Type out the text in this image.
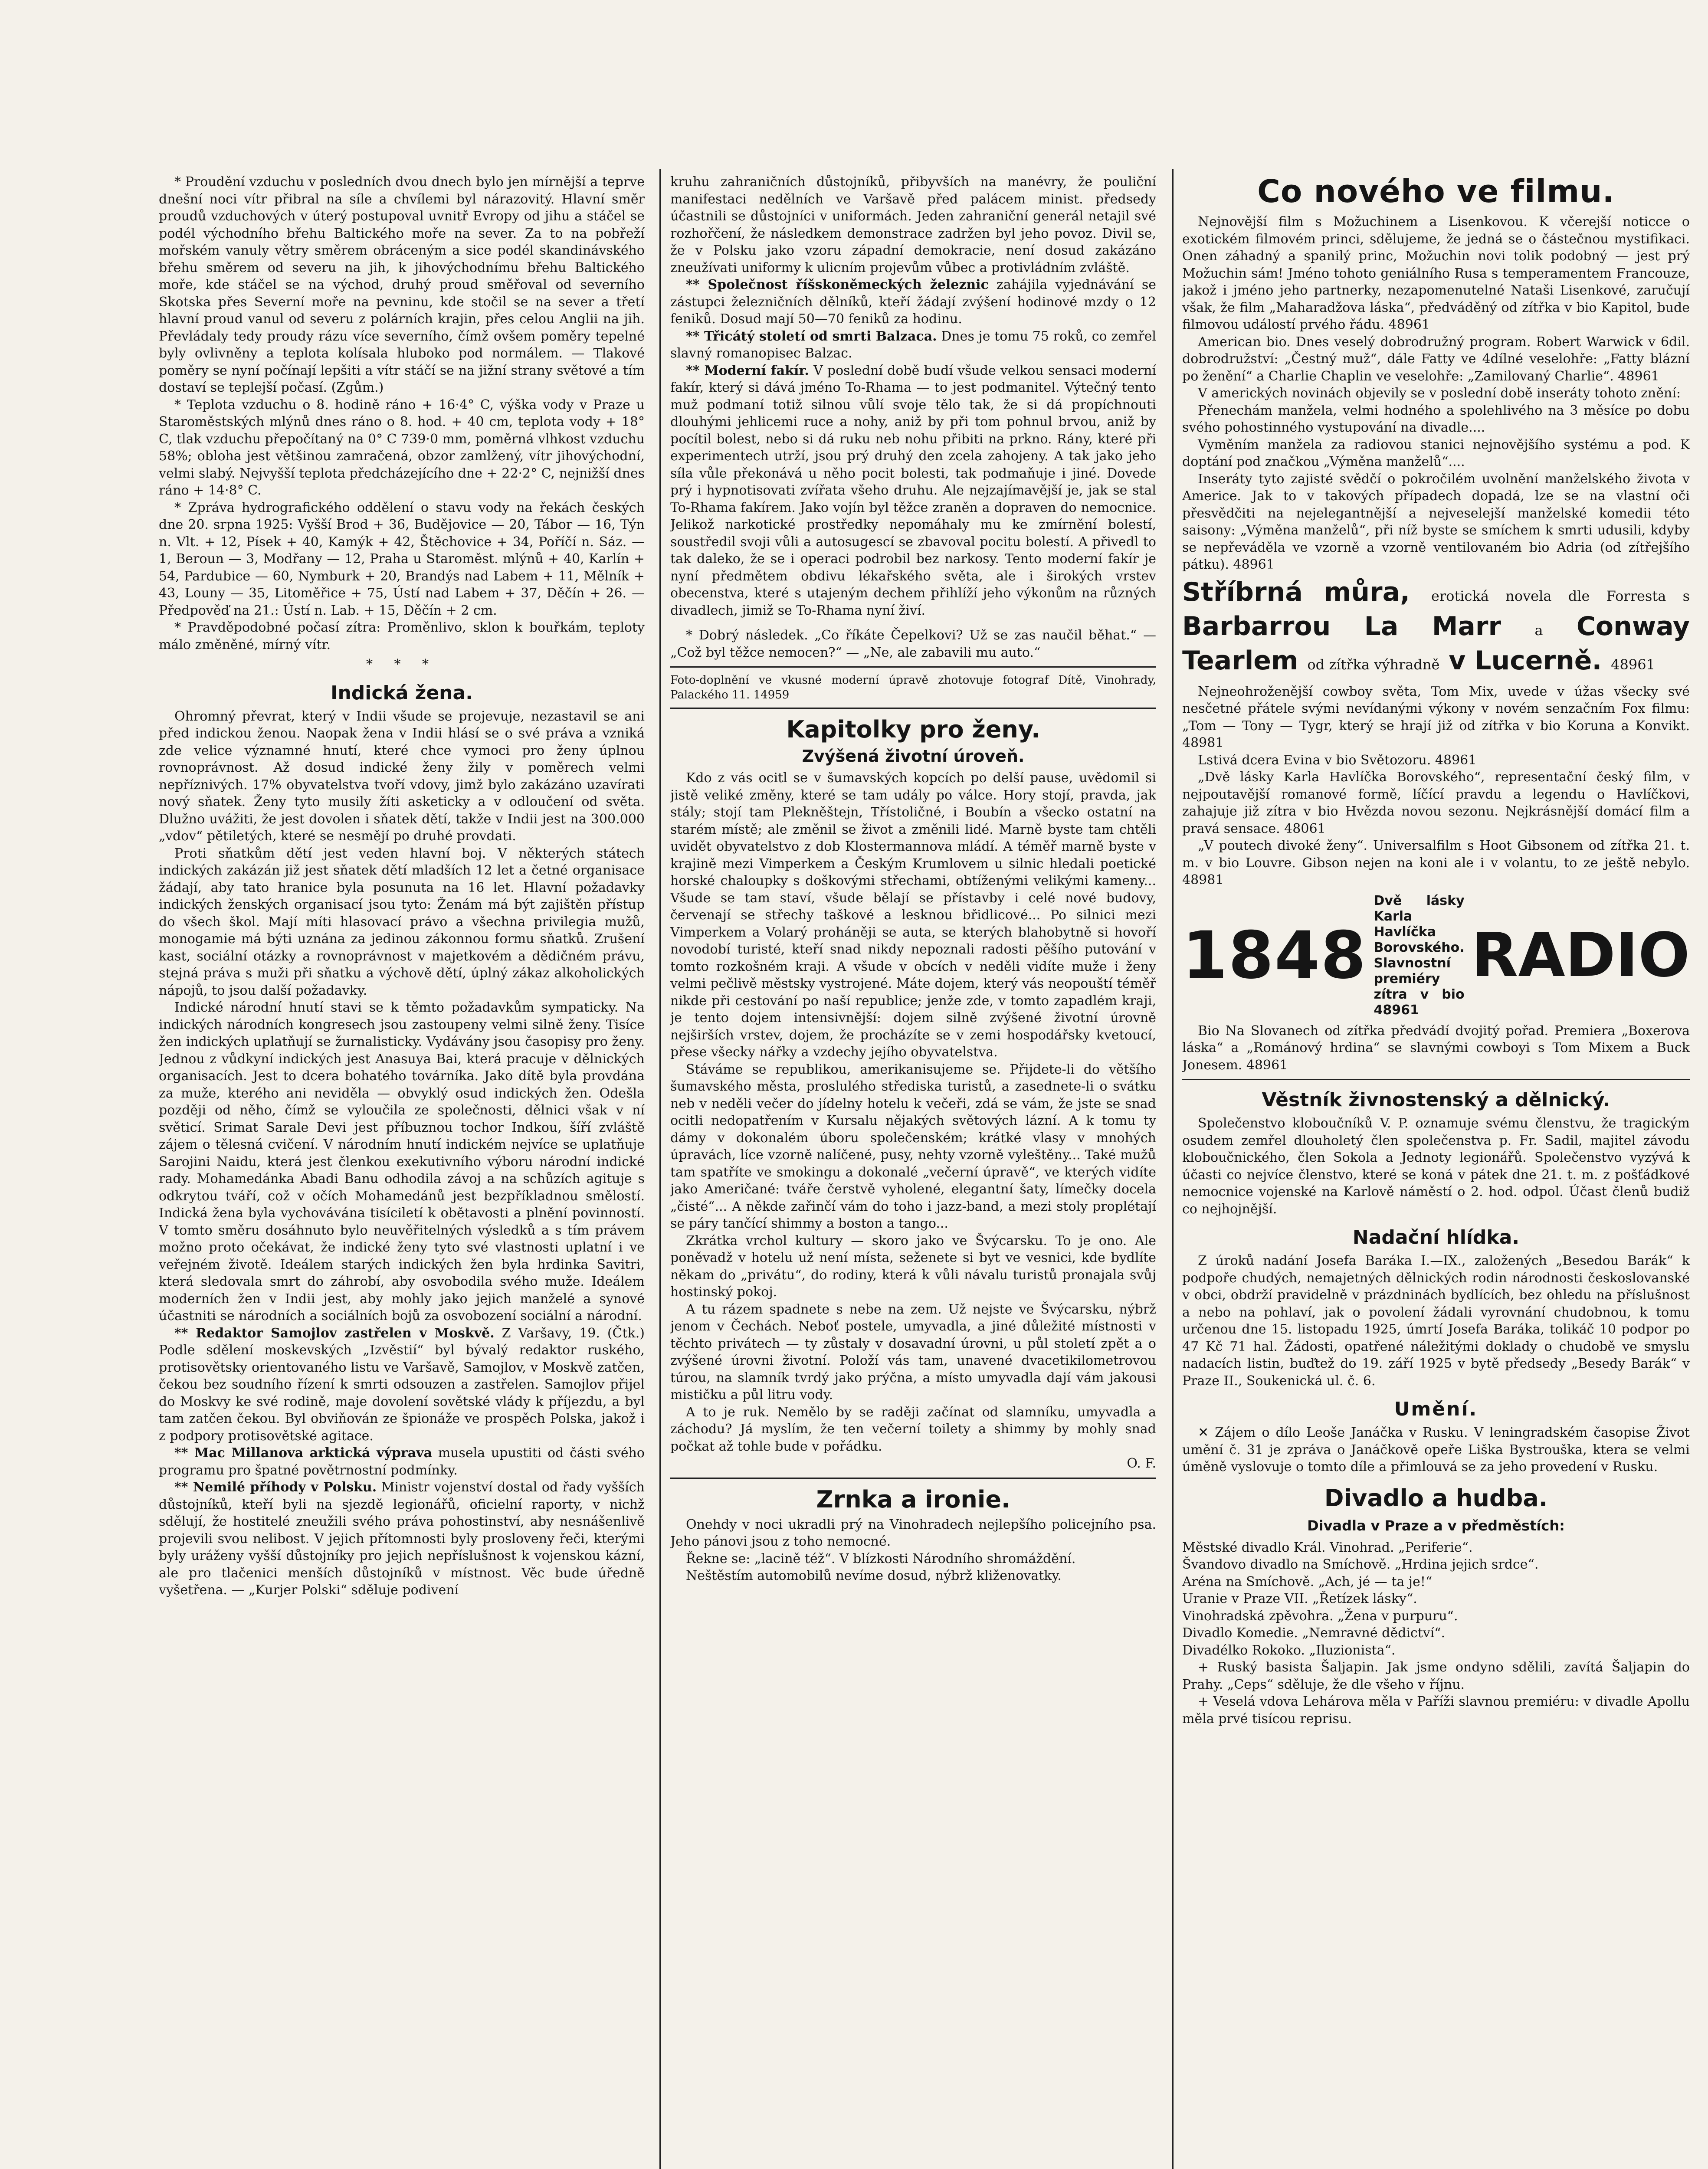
* Proudění vzduchu v posledních dvou dnech bylo jen mírnější a teprve dnešní noci vítr přibral na síle a chvílemi byl nárazovitý. Hlavní směr proudů vzduchových v úterý postupoval uvnitř Evropy od jihu a stáčel se podél východního břehu Baltického moře na sever. Za to na pobřeží mořském vanuly větry směrem obráceným a sice podél skandinávského břehu směrem od severu na jih, k jihovýchodnímu břehu Baltického moře, kde stáčel se na východ, druhý proud směřoval od severního Skotska přes Severní moře na pevninu, kde stočil se na sever a třetí hlavní proud vanul od severu z polárních krajin, přes celou Anglii na jih. Převládaly tedy proudy rázu více severního, čímž ovšem poměry tepelné byly ovlivněny a teplota kolísala hluboko pod normálem. — Tlakové poměry se nyní počínají lepšiti a vítr stáčí se na jižní strany světové a tím dostaví se teplejší počasí. (Zgům.)

* Teplota vzduchu o 8. hodině ráno + 16·4° C, výška vody v Praze u Staroměstských mlýnů dnes ráno o 8. hod. + 40 cm, teplota vody + 18° C, tlak vzduchu přepočítaný na 0° C 739·0 mm, poměrná vlhkost vzduchu 58%; obloha jest většinou zamračená, obzor zamlžený, vítr jihovýchodní, velmi slabý. Nejvyšší teplota předcházejícího dne + 22·2° C, nejnižší dnes ráno + 14·8° C.

* Zpráva hydrografického oddělení o stavu vody na řekách českých dne 20. srpna 1925: Vyšší Brod + 36, Budějovice — 20, Tábor — 16, Týn n. Vlt. + 12, Písek + 40, Kamýk + 42, Štěchovice + 34, Poříčí n. Sáz. — 1, Beroun — 3, Modřany — 12, Praha u Staroměst. mlýnů + 40, Karlín + 54, Pardubice — 60, Nymburk + 20, Brandýs nad Labem + 11, Mělník + 43, Louny — 35, Litoměřice + 75, Ústí nad Labem + 37, Děčín + 26. — Předpověď na 21.: Ústí n. Lab. + 15, Děčín + 2 cm.

* Pravděpodobné počasí zítra: Proměnlivo, sklon k bouřkám, teploty málo změněné, mírný vítr.

* * *

Indická žena.

Ohromný převrat, který v Indii všude se projevuje, nezastavil se ani před indickou ženou. Naopak žena v Indii hlásí se o své práva a vzniká zde velice významné hnutí, které chce vymoci pro ženy úplnou rovnoprávnost. Až dosud indické ženy žily v poměrech velmi nepříznivých. 17% obyvatelstva tvoří vdovy, jimž bylo zakázáno uzavírati nový sňatek. Ženy tyto musily žíti asketicky a v odloučení od světa. Dlužno uvážiti, že jest dovolen i sňatek dětí, takže v Indii jest na 300.000 „vdov“ pětiletých, které se nesmějí po druhé provdati.

Proti sňatkům dětí jest veden hlavní boj. V některých státech indických zakázán již jest sňatek dětí mladších 12 let a četné organisace žádají, aby tato hranice byla posunuta na 16 let. Hlavní požadavky indických ženských organisací jsou tyto: Ženám má být zajištěn přístup do všech škol. Mají míti hlasovací právo a všechna privilegia mužů, monogamie má býti uznána za jedinou zákonnou formu sňatků. Zrušení kast, sociální otázky a rovnoprávnost v majetkovém a dědičném právu, stejná práva s muži při sňatku a výchově dětí, úplný zákaz alkoholických nápojů, to jsou další požadavky.

Indické národní hnutí stavi se k těmto požadavkům sympaticky. Na indických národních kongresech jsou zastoupeny velmi silně ženy. Tisíce žen indických uplatňují se žurnalisticky. Vydávány jsou časopisy pro ženy. Jednou z vůdkyní indických jest Anasuya Bai, která pracuje v dělnických organisacích. Jest to dcera bohatého továrníka. Jako dítě byla provdána za muže, kterého ani neviděla — obvyklý osud indických žen. Odešla později od něho, čímž se vyloučila ze společnosti, dělnici však v ní světicí. Srimat Sarale Devi jest příbuznou tochor Indkou, šíří zvláště zájem o tělesná cvičení. V národním hnutí indickém nejvíce se uplatňuje Sarojini Naidu, která jest členkou exekutivního výboru národní indické rady. Mohamedánka Abadi Banu odhodila závoj a na schůzích agituje s odkrytou tváří, což v očích Mohamedánů jest bezpříkladnou smělostí. Indická žena byla vychovávána tisíciletí k obětavosti a plnění povinností. V tomto směru dosáhnuto bylo neuvěřitelných výsledků a s tím právem možno proto očekávat, že indické ženy tyto své vlastnosti uplatní i ve veřejném životě. Ideálem starých indických žen byla hrdinka Savitri, která sledovala smrt do záhrobí, aby osvobodila svého muže. Ideálem moderních žen v Indii jest, aby mohly jako jejich manželé a synové účastniti se národních a sociálních bojů za osvobození sociální a národní.

** Redaktor Samojlov zastřelen v Moskvě. Z Varšavy, 19. (Čtk.) Podle sdělení moskevských „Izvěstií“ byl bývalý redaktor ruského, protisovětsky orientovaného listu ve Varšavě, Samojlov, v Moskvě zatčen, čekou bez soudního řízení k smrti odsouzen a zastřelen. Samojlov přijel do Moskvy ke své rodině, maje dovolení sovětské vlády k příjezdu, a byl tam zatčen čekou. Byl obviňován ze špionáže ve prospěch Polska, jakož i z podpory protisovětské agitace.

** Mac Millanova arktická výprava musela upustiti od části svého programu pro špatné povětrnostní podmínky.

** Nemilé příhody v Polsku. Ministr vojenství dostal od řady vyšších důstojníků, kteří byli na sjezdě legionářů, oficielní raporty, v nichž sdělují, že hostitelé zneužili svého práva pohostinství, aby nesnášenlivě projevili svou nelibost. V jejich přítomnosti byly prosloveny řeči, kterými byly uráženy vyšší důstojníky pro jejich nepříslušnost k vojenskou kázní, ale pro tlačenici menších důstojníků v místnost. Věc bude úředně vyšetřena. — „Kurjer Polski“ sděluje podivení

kruhu zahraničních důstojníků, přibyvších na manévry, že pouliční manifestaci nedělních ve Varšavě před palácem minist. předsedy účastnili se důstojníci v uniformách. Jeden zahraniční generál netajil své rozhořčení, že následkem demonstrace zadržen byl jeho povoz. Divil se, že v Polsku jako vzoru západní demokracie, není dosud zakázáno zneužívati uniformy k ulicním projevům vůbec a protivládním zvláště.

** Společnost říšskoněmeckých železnic zahájila vyjednávání se zástupci železničních dělníků, kteří žádají zvýšení hodinové mzdy o 12 feniků. Dosud mají 50—70 feniků za hodinu.

** Třicátý století od smrti Balzaca. Dnes je tomu 75 roků, co zemřel slavný romanopisec Balzac.

** Moderní fakír. V poslední době budí všude velkou sensaci moderní fakír, který si dává jméno To-Rhama — to jest podmanitel. Výtečný tento muž podmaní totiž silnou vůlí svoje tělo tak, že si dá propíchnouti dlouhými jehlicemi ruce a nohy, aniž by při tom pohnul brvou, aniž by pocítil bolest, nebo si dá ruku neb nohu přibiti na prkno. Rány, které při experimentech utrží, jsou prý druhý den zcela zahojeny. A tak jako jeho síla vůle překonává u něho pocit bolesti, tak podmaňuje i jiné. Dovede prý i hypnotisovati zvířata všeho druhu. Ale nejzajímavější je, jak se stal To-Rhama fakírem. Jako vojín byl těžce zraněn a dopraven do nemocnice. Jelikož narkotické prostředky nepomáhaly mu ke zmírnění bolestí, soustředil svoji vůli a autosugescí se zbavoval pocitu bolestí. A přivedl to tak daleko, že se i operaci podrobil bez narkosy. Tento moderní fakír je nyní předmětem obdivu lékařského světa, ale i širokých vrstev obecenstva, které s utajeným dechem přihlíží jeho výkonům na různých divadlech, jimiž se To-Rhama nyní živí.

* Dobrý následek. „Co říkáte Čepelkovi? Už se zas naučil běhat.“ — „Což byl těžce nemocen?“ — „Ne, ale zabavili mu auto.“

Foto-doplnění ve vkusné moderní úpravě zhotovuje fotograf Dítě, Vinohrady, Palackého 11. 14959

Kapitolky pro ženy.
Zvýšená životní úroveň.

Kdo z vás ocitl se v šumavských kopcích po delší pause, uvědomil si jistě veliké změny, které se tam udály po válce. Hory stojí, pravda, jak stály; stojí tam Plekněštejn, Třístoličné, i Boubín a všecko ostatní na starém místě; ale změnil se život a změnili lidé. Marně byste tam chtěli uvidět obyvatelstvo z dob Klostermannova mládí. A téměř marně byste v krajině mezi Vimperkem a Českým Krumlovem u silnic hledali poetické horské chaloupky s doškovými střechami, obtíženými velikými kameny... Všude se tam staví, všude bělají se přístavby i celé nové budovy, červenají se střechy taškové a lesknou břidlicové... Po silnici mezi Vimperkem a Volarý proháněji se auta, se kterých blahobytně si hovoří novodobí turisté, kteří snad nikdy nepoznali radosti pěšího putování v tomto rozkošném kraji. A všude v obcích v neděli vidíte muže i ženy velmi pečlivě městsky vystrojené. Máte dojem, který vás neopouští téměř nikde při cestování po naší republice; jenže zde, v tomto zapadlém kraji, je tento dojem intensivnější: dojem silně zvýšené životní úrovně nejširších vrstev, dojem, že procházíte se v zemi hospodářsky kvetoucí, přese všecky nářky a vzdechy jejího obyvatelstva.

Stáváme se republikou, amerikanisujeme se. Přijdete-li do většího šumavského města, proslulého střediska turistů, a zasednete-li o svátku neb v neděli večer do jídelny hotelu k večeři, zdá se vám, že jste se snad ocitli nedopatřením v Kursalu nějakých světových lázní. A k tomu ty dámy v dokonalém úboru společenském; krátké vlasy v mnohých úpravách, líce vzorně nalíčené, pusy, nehty vzorně vyleštěny... Také mužů tam spatříte ve smokingu a dokonalé „večerní úpravě“, ve kterých vidíte jako Američané: tváře čerstvě vyholené, elegantní šaty, límečky docela „čisté“... A někde zařinčí vám do toho i jazz-band, a mezi stoly proplétají se páry tančící shimmy a boston a tango...

Zkrátka vrchol kultury — skoro jako ve Švýcarsku. To je ono. Ale poněvadž v hotelu už není místa, seženete si byt ve vesnici, kde bydlíte někam do „privátu“, do rodiny, která k vůli návalu turistů pronajala svůj hostinský pokoj.

A tu rázem spadnete s nebe na zem. Už nejste ve Švýcarsku, nýbrž jenom v Čechách. Neboť postele, umyvadla, a jiné důležité místnosti v těchto privátech — ty zůstaly v dosavadní úrovni, u půl století zpět a o zvýšené úrovni životní. Položí vás tam, unavené dvacetikilometrovou túrou, na slamník tvrdý jako prýčna, a místo umyvadla dají vám jakousi mističku a půl litru vody.

A to je ruk. Nemělo by se raději začínat od slamníku, umyvadla a záchodu? Já myslím, že ten večerní toilety a shimmy by mohly snad počkat až tohle bude v pořádku.

O. F.

Zrnka a ironie.

Onehdy v noci ukradli prý na Vinohradech nejlepšího policejního psa. Jeho pánovi jsou z toho nemocné.

Řekne se: „lacině též“. V blízkosti Národního shromáždění.

Neštěstím automobilů nevíme dosud, nýbrž kliženovatky.

Co nového ve filmu.

Nejnovější film s Možuchinem a Lisenkovou. K včerejší noticce o exotickém filmovém princi, sdělujeme, že jedná se o částečnou mystifikaci. Onen záhadný a spanilý princ, Možuchin novi tolik podobný — jest prý Možuchin sám! Jméno tohoto geniálního Rusa s temperamentem Francouze, jakož i jméno jeho partnerky, nezapomenutelné Nataši Lisenkové, zaručují však, že film „Maharadžova láska“, předváděný od zítřka v bio Kapitol, bude filmovou událostí prvého řádu. 48961

American bio. Dnes veselý dobrodružný program. Robert Warwick v 6dil. dobrodružství: „Čestný muž“, dále Fatty ve 4dílné veselohře: „Fatty blázní po ženění“ a Charlie Chaplin ve veselohře: „Zamilovaný Charlie“. 48961

V amerických novinách objevily se v poslední době inseráty tohoto znění:

Přenechám manžela, velmi hodného a spolehlivého na 3 měsíce po dobu svého pohostinného vystupování na divadle....

Vyměním manžela za radiovou stanici nejnovějšího systému a pod. K doptání pod značkou „Výměna manželů“....

Inseráty tyto zajisté svědčí o pokročilém uvolnění manželského života v Americe. Jak to v takových případech dopadá, lze se na vlastní oči přesvědčiti na nejelegantnější a nejveselejší manželské komedii této saisony: „Výměna manželů“, při níž byste se smíchem k smrti udusili, kdyby se nepřeváděla ve vzorně a vzorně ventilovaném bio Adria (od zítřejšího pátku). 48961

Stříbrná můra, erotická novela dle Forresta s Barbarrou La Marr a Conway Tearlem od zítřka výhradně v Lucerně. 48961

Nejneohroženější cowboy světa, Tom Mix, uvede v úžas všecky své nesčetné přátele svými nevídanými výkony v novém senzačním Fox filmu: „Tom — Tony — Tygr, který se hrají již od zítřka v bio Koruna a Konvikt. 48981

Lstivá dcera Evina v bio Světozoru. 48961

„Dvě lásky Karla Havlíčka Borovského“, representační český film, v nejpoutavější romanové formě, líčící pravdu a legendu o Havlíčkovi, zahajuje již zítra v bio Hvězda novou sezonu. Nejkrásnější domácí film a pravá sensace. 48061

„V poutech divoké ženy“. Universalfilm s Hoot Gibsonem od zítřka 21. t. m. v bio Louvre. Gibson nejen na koni ale i v volantu, to ze ještě nebylo. 48981

1848
Dvě lásky Karla Havlíčka Borovského.
Slavnostní premiéry zítra v bio 48961
RADIO

Bio Na Slovanech od zítřka předvádí dvojitý pořad. Premiera „Boxerova láska“ a „Románový hrdina“ se slavnými cowboyi s Tom Mixem a Buck Jonesem. 48961

Věstník živnostenský a dělnický.

Společenstvo kloboučníků V. P. oznamuje svému členstvu, že tragickým osudem zemřel dlouholetý člen společenstva p. Fr. Sadil, majitel závodu kloboučnického, člen Sokola a Jednoty legionářů. Společenstvo vyzývá k účasti co nejvíce členstvo, které se koná v pátek dne 21. t. m. z pošťádkové nemocnice vojenské na Karlově náměstí o 2. hod. odpol. Účast členů budiž co nejhojnější.

Nadační hlídka.

Z úroků nadání Josefa Baráka I.—IX., založených „Besedou Barák“ k podpoře chudých, nemajetných dělnických rodin národnosti českoslovanské v obci, obdrží pravidelně v prázdninách bydlících, bez ohledu na příslušnost a nebo na pohlaví, jak o povolení žádali vyrovnání chudobnou, k tomu určenou dne 15. listopadu 1925, úmrtí Josefa Baráka, tolikáč 10 podpor po 47 Kč 71 hal. Žádosti, opatřené náležitými doklady o chudobě ve smyslu nadacích listin, buďtež do 19. září 1925 v bytě předsedy „Besedy Barák“ v Praze II., Soukenická ul. č. 6.

Umění.

✕ Zájem o dílo Leoše Janáčka v Rusku. V leningradském časopise Život umění č. 31 je zpráva o Janáčkově opeře Liška Bystrouška, ktera se velmi úměně vyslovuje o tomto díle a přimlouvá se za jeho provedení v Rusku.

Divadlo a hudba.
Divadla v Praze a v předměstích:

Městské divadlo Král. Vinohrad. „Periferie“.

Švandovo divadlo na Smíchově. „Hrdina jejich srdce“.

Aréna na Smíchově. „Ach, jé — ta je!“

Uranie v Praze VII. „Řetízek lásky“.

Vinohradská zpěvohra. „Žena v purpuru“.

Divadlo Komedie. „Nemravné dědictví“.

Divadélko Rokoko. „Iluzionista“.

+ Ruský basista Šaljapin. Jak jsme ondyno sdělili, zavítá Šaljapin do Prahy. „Ceps“ sděluje, že dle všeho v říjnu.

+ Veselá vdova Lehárova měla v Paříži slavnou premiéru: v divadle Apollu měla prvé tisícou reprisu.
